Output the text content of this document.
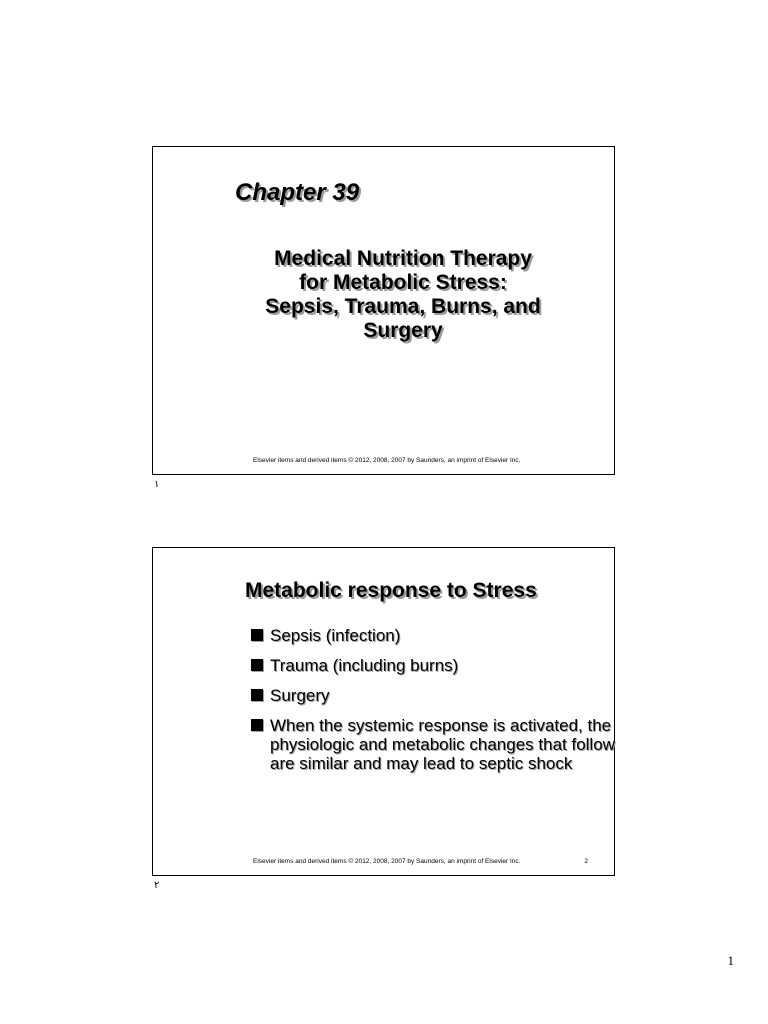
Chapter 39
Medical Nutrition Therapy for Metabolic Stress: Sepsis, Trauma, Burns, and Surgery
Elsevier items and derived items © 2012, 2008, 2007 by Saunders, an imprint of Elsevier Inc.
١
Metabolic response to Stress
Sepsis (infection)
Trauma (including burns)
Surgery
When the systemic response is activated, the physiologic and metabolic changes that follow are similar and may lead to septic shock
Elsevier items and derived items © 2012, 2008, 2007 by Saunders, an imprint of Elsevier Inc.	2
٢
1
